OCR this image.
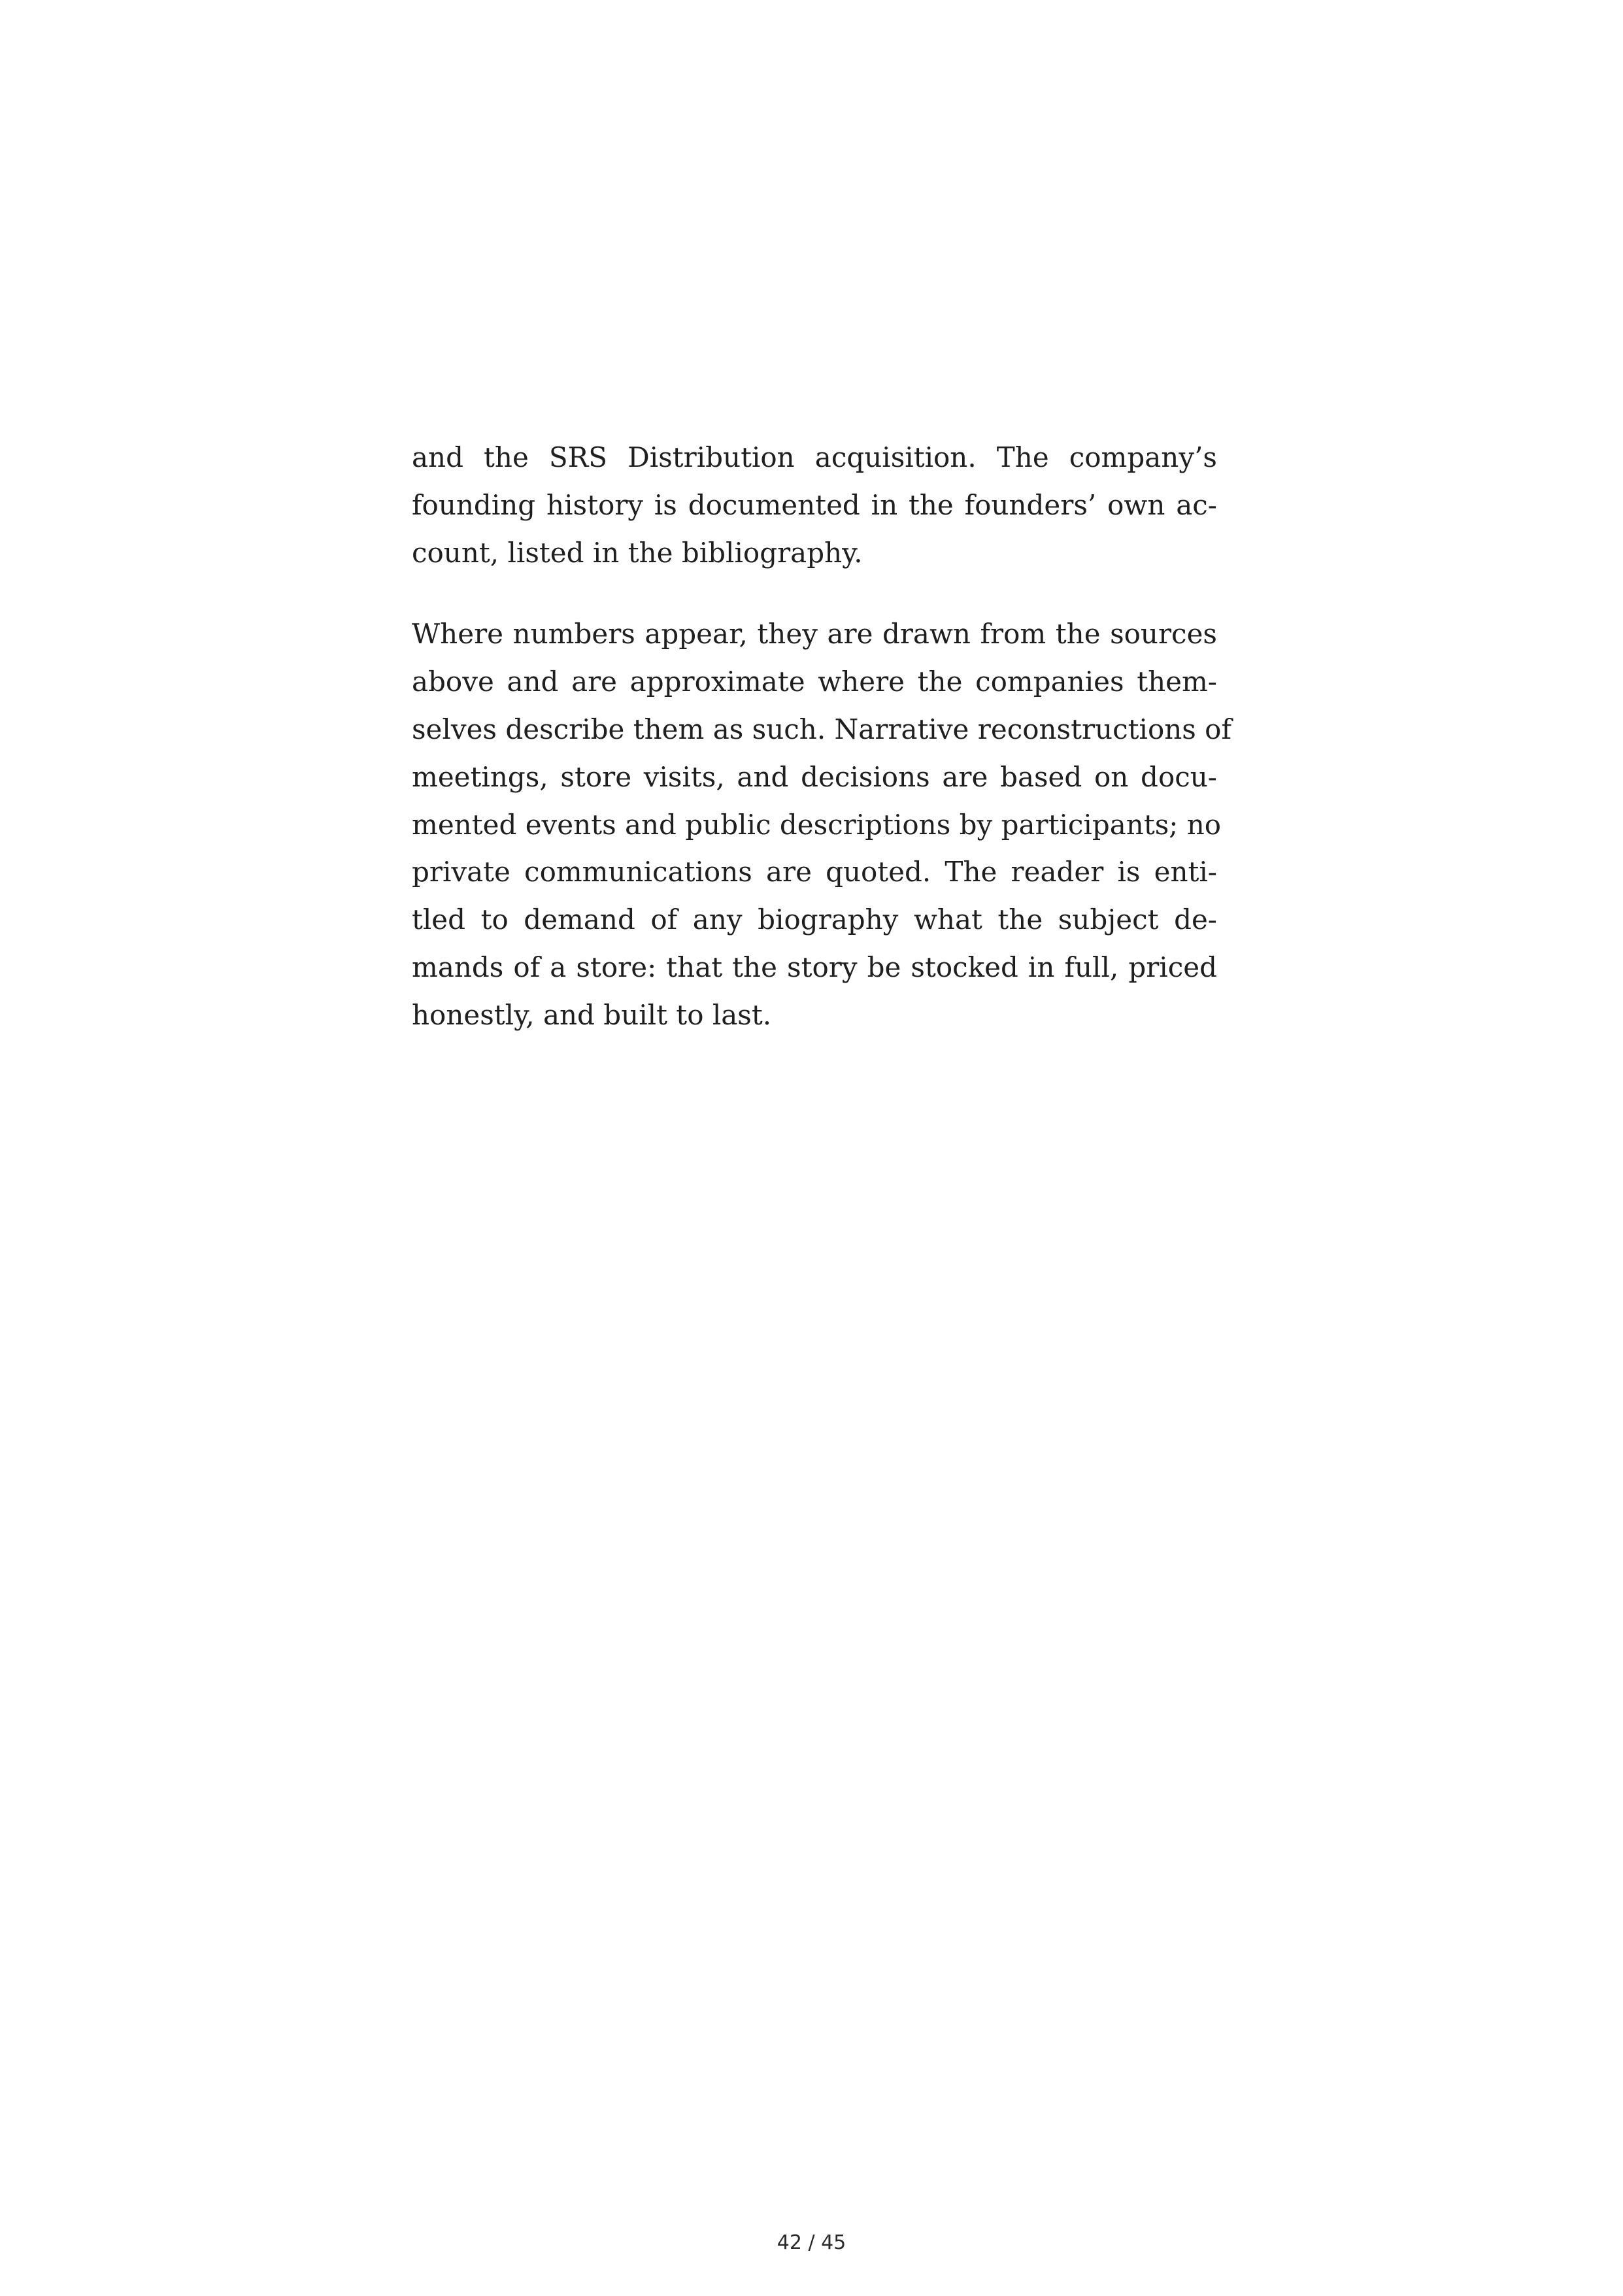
and the SRS Distribution acquisition. The company’s
founding history is documented in the founders’ own ac-
count, listed in the bibliography.
Where numbers appear, they are drawn from the sources
above and are approximate where the companies them-
selves describe them as such. Narrative reconstructions of
meetings, store visits, and decisions are based on docu-
mented events and public descriptions by participants; no
private communications are quoted. The reader is enti-
tled to demand of any biography what the subject de-
mands of a store: that the story be stocked in full, priced
honestly, and built to last.
42 / 45
